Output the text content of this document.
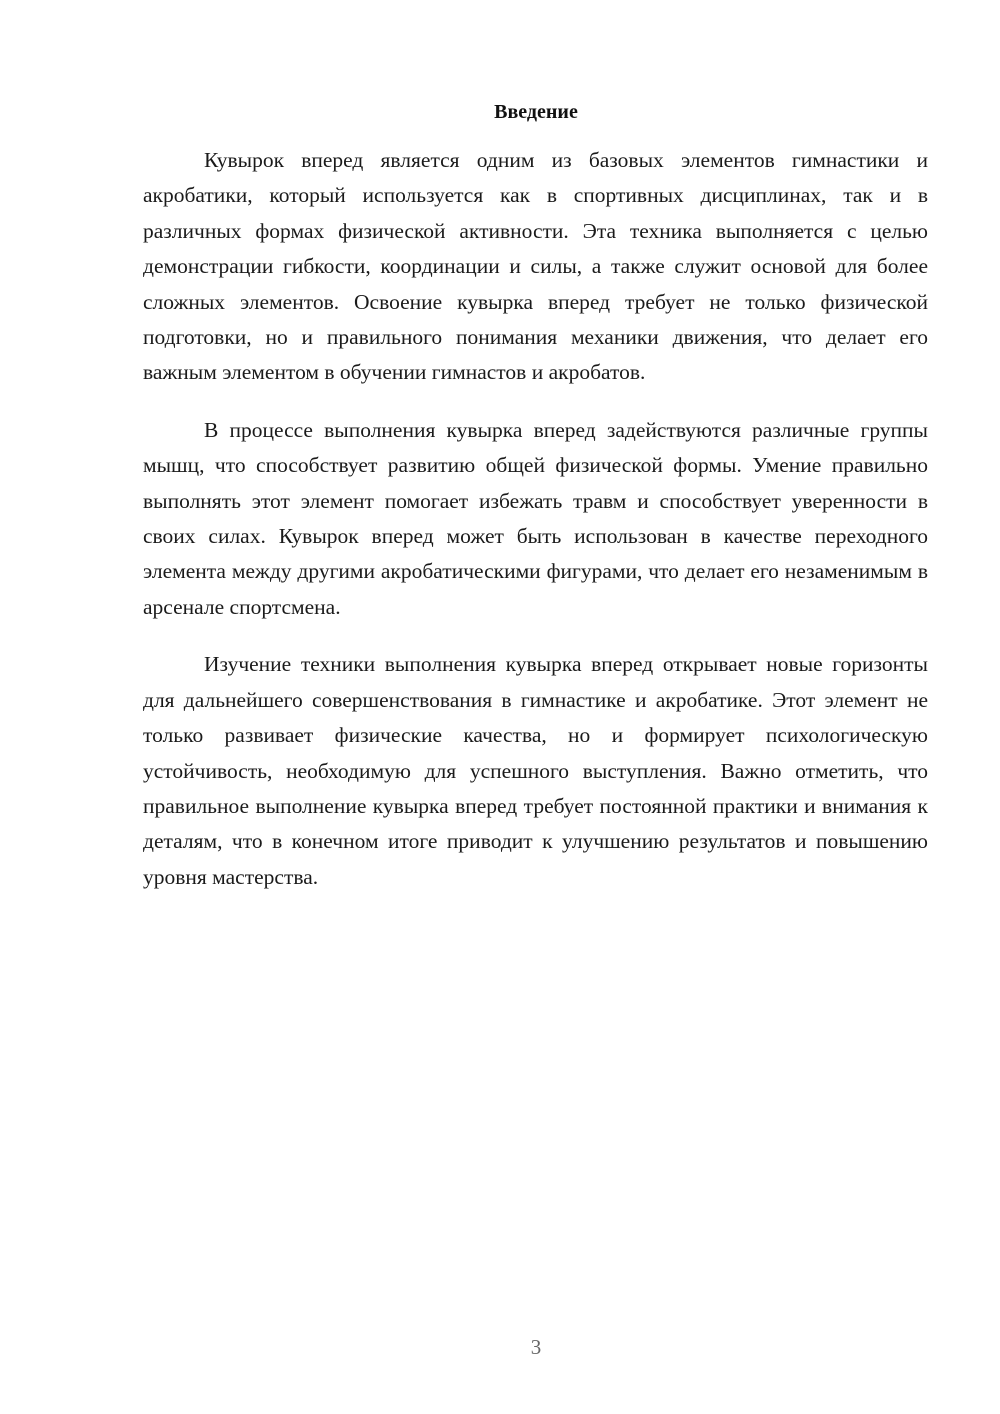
Введение

Кувырок вперед является одним из базовых элементов гимнастики и акробатики, который используется как в спортивных дисциплинах, так и в различных формах физической активности. Эта техника выполняется с целью демонстрации гибкости, координации и силы, а также служит основой для более сложных элементов. Освоение кувырка вперед требует не только физической подготовки, но и правильного понимания механики движения, что делает его важным элементом в обучении гимнастов и акробатов.

В процессе выполнения кувырка вперед задействуются различные группы мышц, что способствует развитию общей физической формы. Умение правильно выполнять этот элемент помогает избежать травм и способствует уверенности в своих силах. Кувырок вперед может быть использован в качестве переходного элемента между другими акробатическими фигурами, что делает его незаменимым в арсенале спортсмена.

Изучение техники выполнения кувырка вперед открывает новые горизонты для дальнейшего совершенствования в гимнастике и акробатике. Этот элемент не только развивает физические качества, но и формирует психологическую устойчивость, необходимую для успешного выступления. Важно отметить, что правильное выполнение кувырка вперед требует постоянной практики и внимания к деталям, что в конечном итоге приводит к улучшению результатов и повышению уровня мастерства.

3
